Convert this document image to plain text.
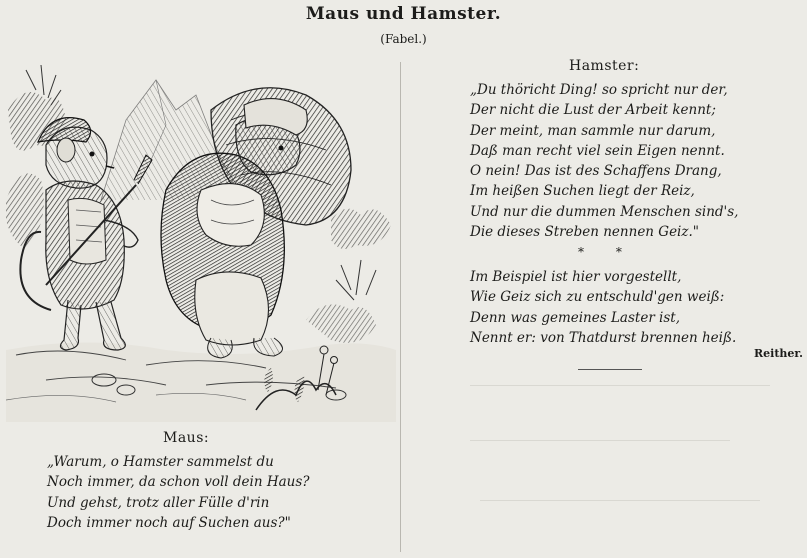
Maus und Hamster.
(Fabel.)
Hamster:
„Du thöricht Ding! so spricht nur der,
Der nicht die Lust der Arbeit kennt;
Der meint, man sammle nur darum,
Daß man recht viel sein Eigen nennt.
O nein! Das ist des Schaffens Drang,
Im heißen Suchen liegt der Reiz,
Und nur die dummen Menschen sind's,
Die dieses Streben nennen Geiz."
* *
Im Beispiel ist hier vorgestellt,
Wie Geiz sich zu entschuld'gen weiß:
Denn was gemeines Laster ist,
Nennt er: von Thatdurst brennen heiß.
Reither.
Maus:
„Warum, o Hamster sammelst du
Noch immer, da schon voll dein Haus?
Und gehst, trotz aller Fülle d'rin
Doch immer noch auf Suchen aus?"
